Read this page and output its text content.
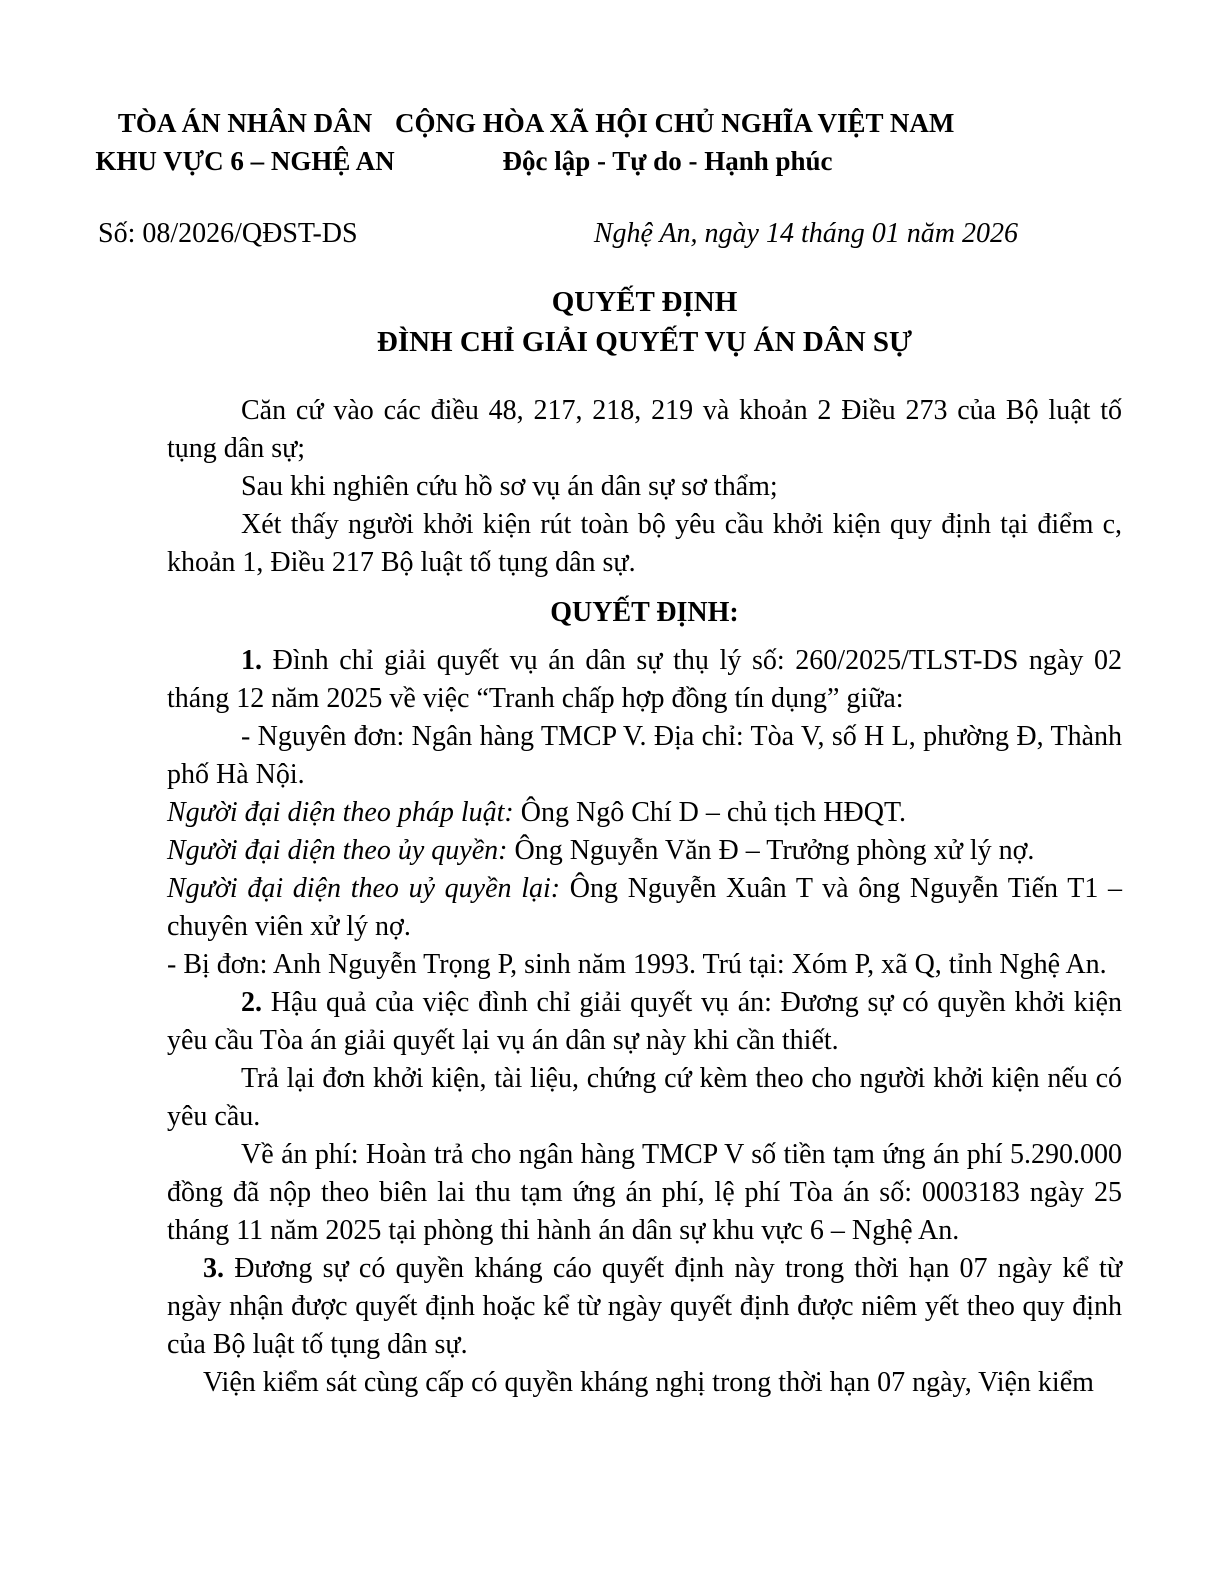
TÒA ÁN NHÂN DÂN
KHU VỰC 6 – NGHỆ AN
CỘNG HÒA XÃ HỘI CHỦ NGHĨA VIỆT NAM
Độc lập - Tự do - Hạnh phúc
Số: 08/2026/QĐST-DS	Nghệ An, ngày 14 tháng 01 năm 2026
QUYẾT ĐỊNH
ĐÌNH CHỈ GIẢI QUYẾT VỤ ÁN DÂN SỰ

Căn cứ vào các điều 48, 217, 218, 219 và khoản 2 Điều 273 của Bộ luật tố tụng dân sự;

Sau khi nghiên cứu hồ sơ vụ án dân sự sơ thẩm;

Xét thấy người khởi kiện rút toàn bộ yêu cầu khởi kiện quy định tại điểm c, khoản 1, Điều 217 Bộ luật tố tụng dân sự.

QUYẾT ĐỊNH:

1. Đình chỉ giải quyết vụ án dân sự thụ lý số: 260/2025/TLST-DS ngày 02 tháng 12 năm 2025 về việc “Tranh chấp hợp đồng tín dụng” giữa:

- Nguyên đơn: Ngân hàng TMCP V. Địa chỉ: Tòa V, số H L, phường Đ, Thành phố Hà Nội.

Người đại diện theo pháp luật: Ông Ngô Chí D – chủ tịch HĐQT.

Người đại diện theo ủy quyền: Ông Nguyễn Văn Đ – Trưởng phòng xử lý nợ.

Người đại diện theo uỷ quyền lại: Ông Nguyễn Xuân T và ông Nguyễn Tiến T1 – chuyên viên xử lý nợ.

- Bị đơn: Anh Nguyễn Trọng P, sinh năm 1993. Trú tại: Xóm P, xã Q, tỉnh Nghệ An.

2. Hậu quả của việc đình chỉ giải quyết vụ án: Đương sự có quyền khởi kiện yêu cầu Tòa án giải quyết lại vụ án dân sự này khi cần thiết.

Trả lại đơn khởi kiện, tài liệu, chứng cứ kèm theo cho người khởi kiện nếu có yêu cầu.

Về án phí: Hoàn trả cho ngân hàng TMCP V số tiền tạm ứng án phí 5.290.000 đồng đã nộp theo biên lai thu tạm ứng án phí, lệ phí Tòa án số: 0003183 ngày 25 tháng 11 năm 2025 tại phòng thi hành án dân sự khu vực 6 – Nghệ An.

3. Đương sự có quyền kháng cáo quyết định này trong thời hạn 07 ngày kể từ ngày nhận được quyết định hoặc kể từ ngày quyết định được niêm yết theo quy định của Bộ luật tố tụng dân sự.

Viện kiểm sát cùng cấp có quyền kháng nghị trong thời hạn 07 ngày, Viện kiểm
